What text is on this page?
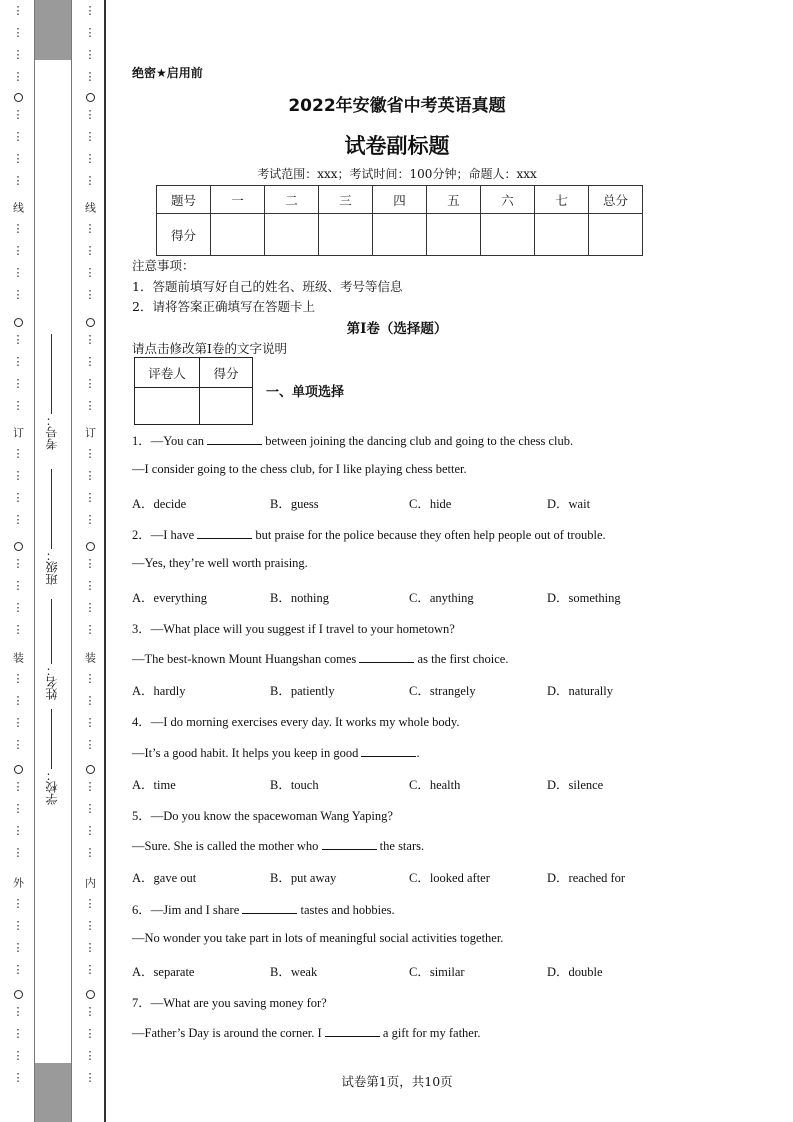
⋮
⋮
⋮
⋮
⋮
⋮
⋮
⋮
线
⋮
⋮
⋮
⋮
⋮
⋮
⋮
⋮
订
⋮
⋮
⋮
⋮
⋮
⋮
⋮
⋮
装
⋮
⋮
⋮
⋮
⋮
⋮
⋮
⋮
外
⋮
⋮
⋮
⋮
⋮
⋮
⋮
⋮
考号：
班级：
姓名：
学校：
⋮
⋮
⋮
⋮
⋮
⋮
⋮
⋮
线
⋮
⋮
⋮
⋮
⋮
⋮
⋮
⋮
订
⋮
⋮
⋮
⋮
⋮
⋮
⋮
⋮
装
⋮
⋮
⋮
⋮
⋮
⋮
⋮
⋮
内
⋮
⋮
⋮
⋮
⋮
⋮
⋮
⋮
绝密★启用前
2022年安徽省中考英语真题
试卷副标题
考试范围：xxx；考试时间：100分钟；命题人：xxx
题号	一	二	三	四	五	六	七	总分
得分								
注意事项：
1．答题前填写好自己的姓名、班级、考号等信息
2．请将答案正确填写在答题卡上
第I卷（选择题）
请点击修改第I卷的文字说明
评卷人	得分

一、单项选择
1．—You can	between joining the dancing club and going to the chess club.
—I consider going to the chess club, for I like playing chess better.
A．decide	B．guess	C．hide	D．wait
2．—I have	but praise for the police because they often help people out of trouble.
—Yes, they’re well worth praising.
A．everything	B．nothing	C．anything	D．something
3．—What place will you suggest if I travel to your hometown?
—The best-known Mount Huangshan comes	as the first choice.
A．hardly	B．patiently	C．strangely	D．naturally
4．—I do morning exercises every day. It works my whole body.
—It’s a good habit. It helps you keep in good	.
A．time	B．touch	C．health	D．silence
5．—Do you know the spacewoman Wang Yaping?
—Sure. She is called the mother who	the stars.
A．gave out	B．put away	C．looked after	D．reached for
6．—Jim and I share	tastes and hobbies.
—No wonder you take part in lots of meaningful social activities together.
A．separate	B．weak	C．similar	D．double
7．—What are you saving money for?
—Father’s Day is around the corner. I	a gift for my father.
试卷第1页，共10页
